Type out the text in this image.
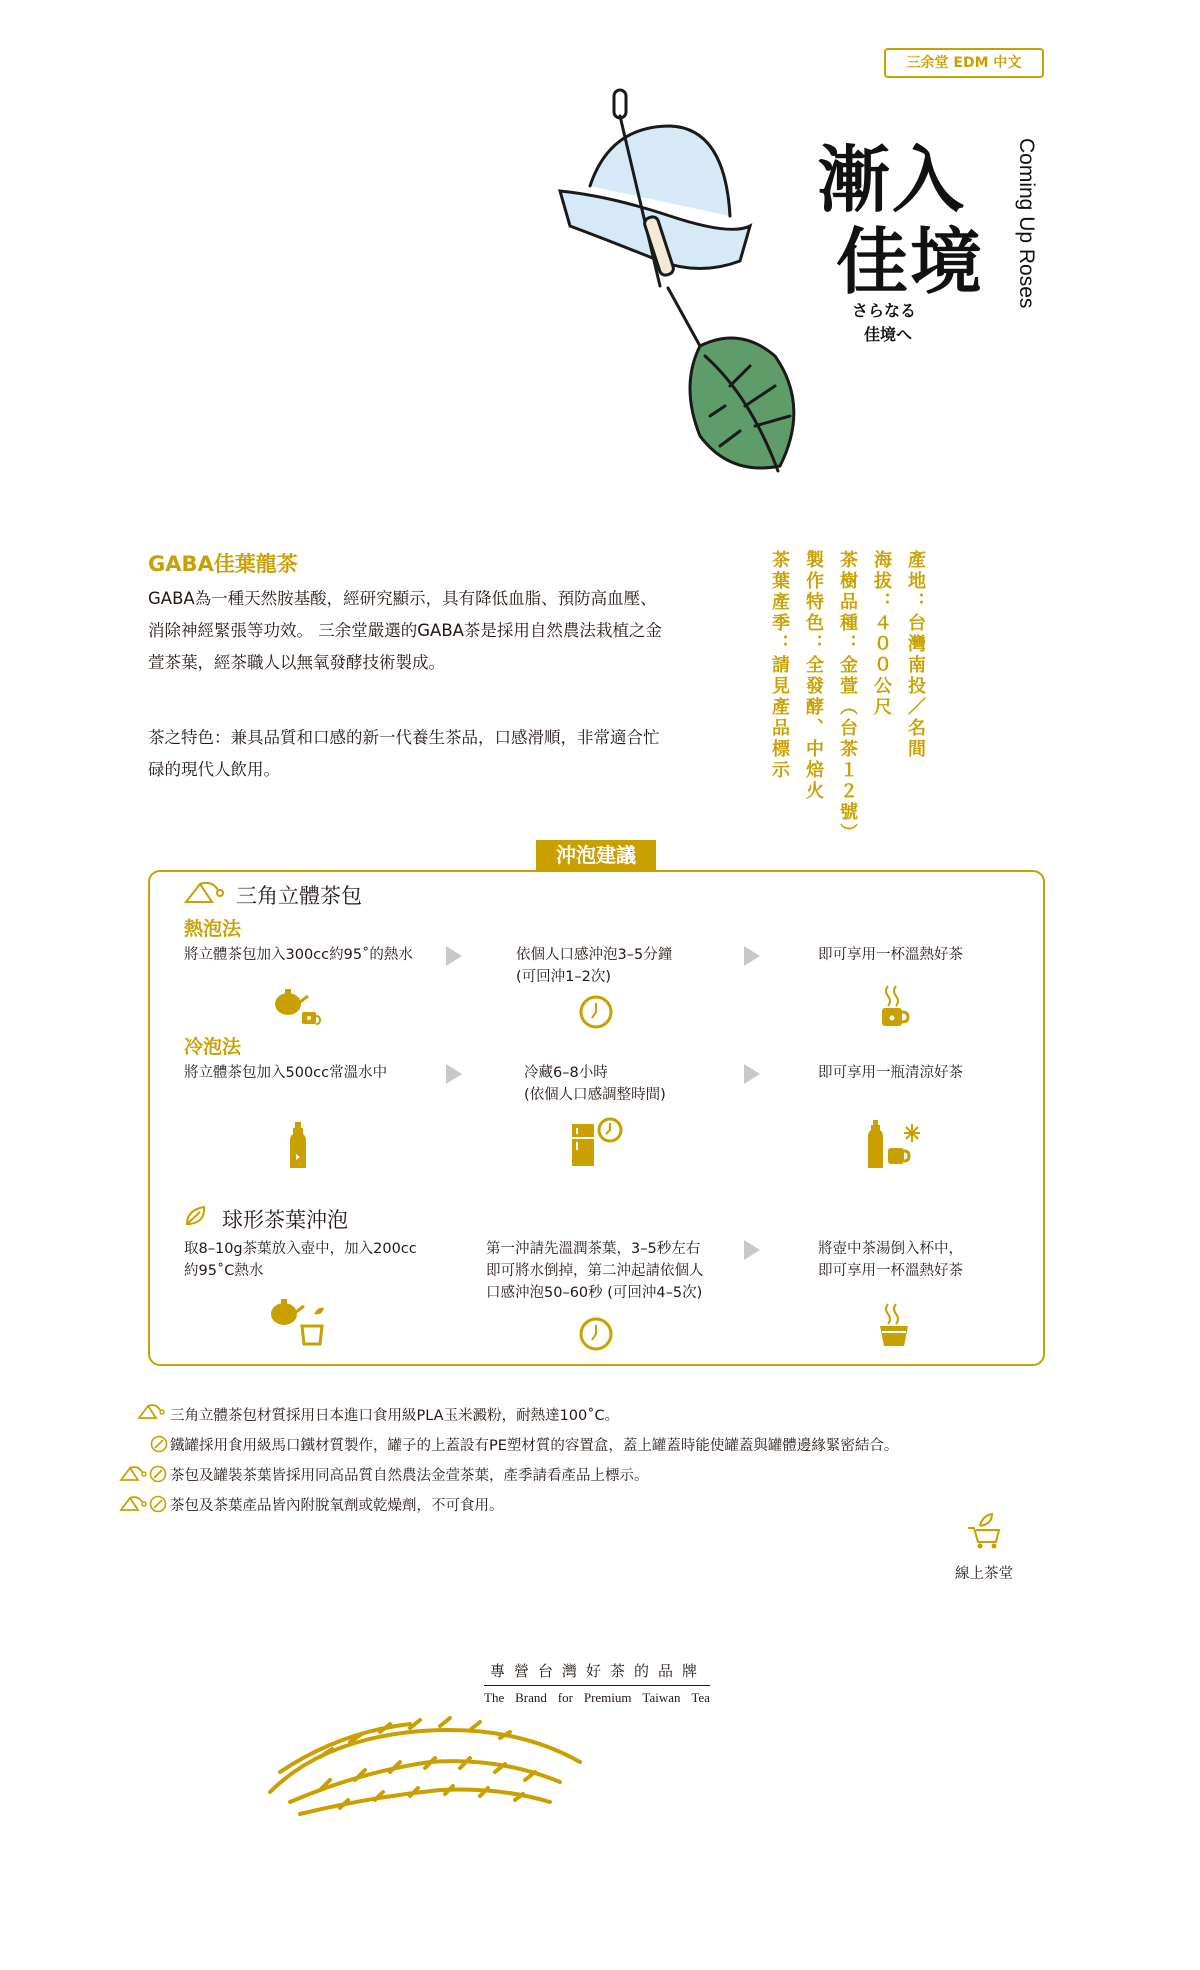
三余堂 EDM 中文
漸入
佳境
さらなる
佳境へ
Coming Up Roses
GABA佳葉龍茶
GABA為一種天然胺基酸，經研究顯示，具有降低血脂、預防高血壓、消除神經緊張等功效。 三余堂嚴選的GABA茶是採用自然農法栽植之金萱茶葉，經茶職人以無氧發酵技術製成。
茶之特色：兼具品質和口感的新一代養生茶品，口感滑順，非常適合忙碌的現代人飲用。
產地：台灣南投／名間
海拔：４００公尺
茶樹品種：金萱（台茶１２號）
製作特色：全發酵、中焙火
茶葉產季：請見產品標示
沖泡建議
三角立體茶包
熱泡法
將立體茶包加入300cc約95˚的熱水	依個人口感沖泡3–5分鐘
(可回沖1–2次)
即可享用一杯溫熱好茶
冷泡法
將立體茶包加入500cc常溫水中	冷藏6–8小時
(依個人口感調整時間)
即可享用一瓶清涼好茶
球形茶葉沖泡
取8–10g茶葉放入壺中，加入200cc
約95˚C熱水
第一沖請先溫潤茶葉，3–5秒左右
即可將水倒掉，第二沖起請依個人
口感沖泡50–60秒 (可回沖4–5次)
將壺中茶湯倒入杯中，
即可享用一杯溫熱好茶
三角立體茶包材質採用日本進口食用級PLA玉米澱粉，耐熱達100˚C。
鐵罐採用食用級馬口鐵材質製作，罐子的上蓋設有PE塑材質的容置盒，蓋上罐蓋時能使罐蓋與罐體邊緣緊密結合。
茶包及罐裝茶葉皆採用同高品質自然農法金萱茶葉，產季請看產品上標示。
茶包及茶葉產品皆內附脫氧劑或乾燥劑，不可食用。
線上茶堂
專營台灣好茶的品牌
The Brand for Premium Taiwan Tea
